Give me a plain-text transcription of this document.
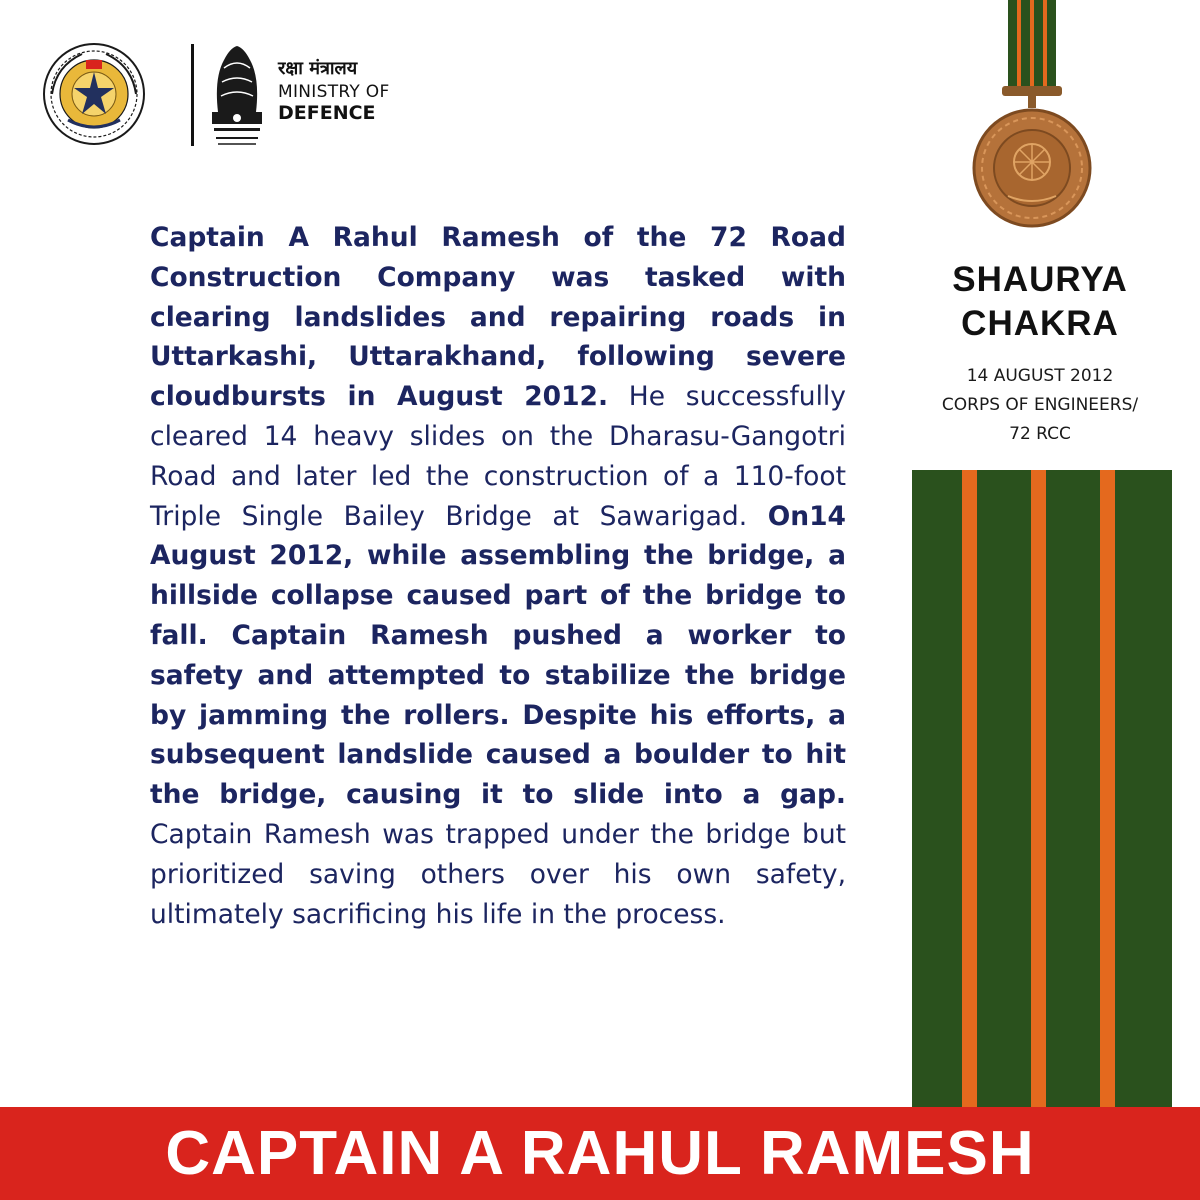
रक्षा मंत्रालय
MINISTRY OF
DEFENCE
Captain A Rahul Ramesh of the 72 Road Construction Company was tasked with clearing landslides and repairing roads in Uttarkashi, Uttarakhand, following severe cloudbursts in August 2012. He successfully cleared 14 heavy slides on the Dharasu-Gangotri Road and later led the construction of a 110-foot Triple Single Bailey Bridge at Sawarigad. On14 August 2012, while assembling the bridge, a hillside collapse caused part of the bridge to fall. Captain Ramesh pushed a worker to safety and attempted to stabilize the bridge by jamming the rollers. Despite his efforts, a subsequent landslide caused a boulder to hit the bridge, causing it to slide into a gap. Captain Ramesh was trapped under the bridge but prioritized saving others over his own safety, ultimately sacrificing his life in the process.
SHAURYA
CHAKRA
14 AUGUST 2012
CORPS OF ENGINEERS/
72 RCC
CAPTAIN A RAHUL RAMESH
